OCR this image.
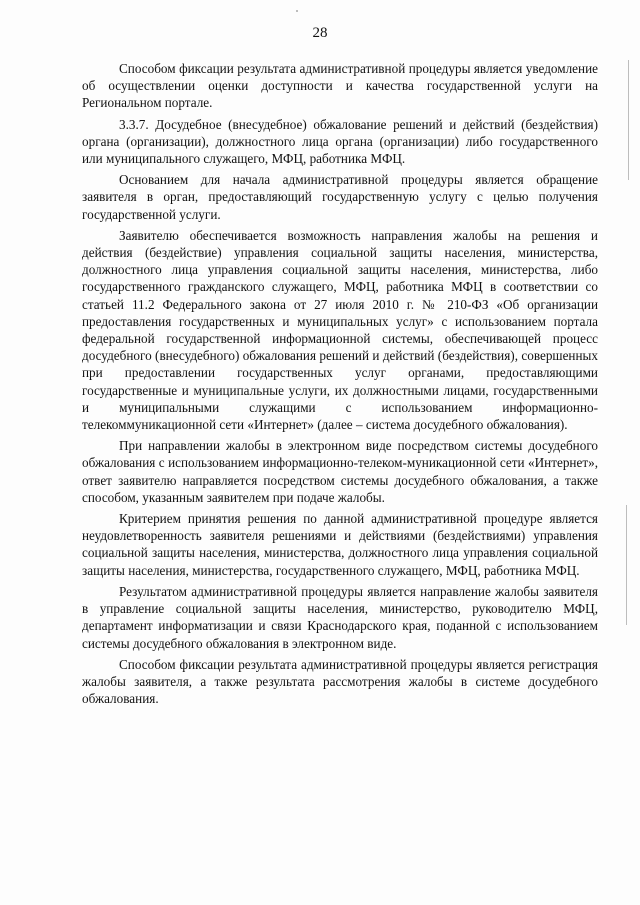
28

Способом фиксации результата административной процедуры является уведомление об осуществлении оценки доступности и качества государственной услуги на Региональном портале.

3.3.7. Досудебное (внесудебное) обжалование решений и действий (бездействия) органа (организации), должностного лица органа (организации) либо государственного или муниципального служащего, МФЦ, работника МФЦ.

Основанием для начала административной процедуры является обращение заявителя в орган, предоставляющий государственную услугу с целью получения государственной услуги.

Заявителю обеспечивается возможность направления жалобы на решения и действия (бездействие) управления социальной защиты населения, министерства, должностного лица управления социальной защиты населения, министерства, либо государственного гражданского служащего, МФЦ, работника МФЦ в соответствии со статьей 11.2 Федерального закона от 27 июля 2010 г. № 210-ФЗ «Об организации предоставления государственных и муниципальных услуг» с использованием портала федеральной государственной информационной системы, обеспечивающей процесс досудебного (внесудебного) обжалования решений и действий (бездействия), совершенных при предоставлении государственных услуг органами, предоставляющими государственные и муниципальные услуги, их должностными лицами, государственными и муниципальными служащими с использованием информационно-телекоммуникационной сети «Интернет» (далее – система досудебного обжалования).

При направлении жалобы в электронном виде посредством системы досудебного обжалования с использованием информационно-телеком-муникационной сети «Интернет», ответ заявителю направляется посредством системы досудебного обжалования, а также способом, указанным заявителем при подаче жалобы.

Критерием принятия решения по данной административной процедуре является неудовлетворенность заявителя решениями и действиями (бездействиями) управления социальной защиты населения, министерства, должностного лица управления социальной защиты населения, министерства, государственного служащего, МФЦ, работника МФЦ.

Результатом административной процедуры является направление жалобы заявителя в управление социальной защиты населения, министерство, руководителю МФЦ, департамент информатизации и связи Краснодарского края, поданной с использованием системы досудебного обжалования в электронном виде.

Способом фиксации результата административной процедуры является регистрация жалобы заявителя, а также результата рассмотрения жалобы в системе досудебного обжалования.
